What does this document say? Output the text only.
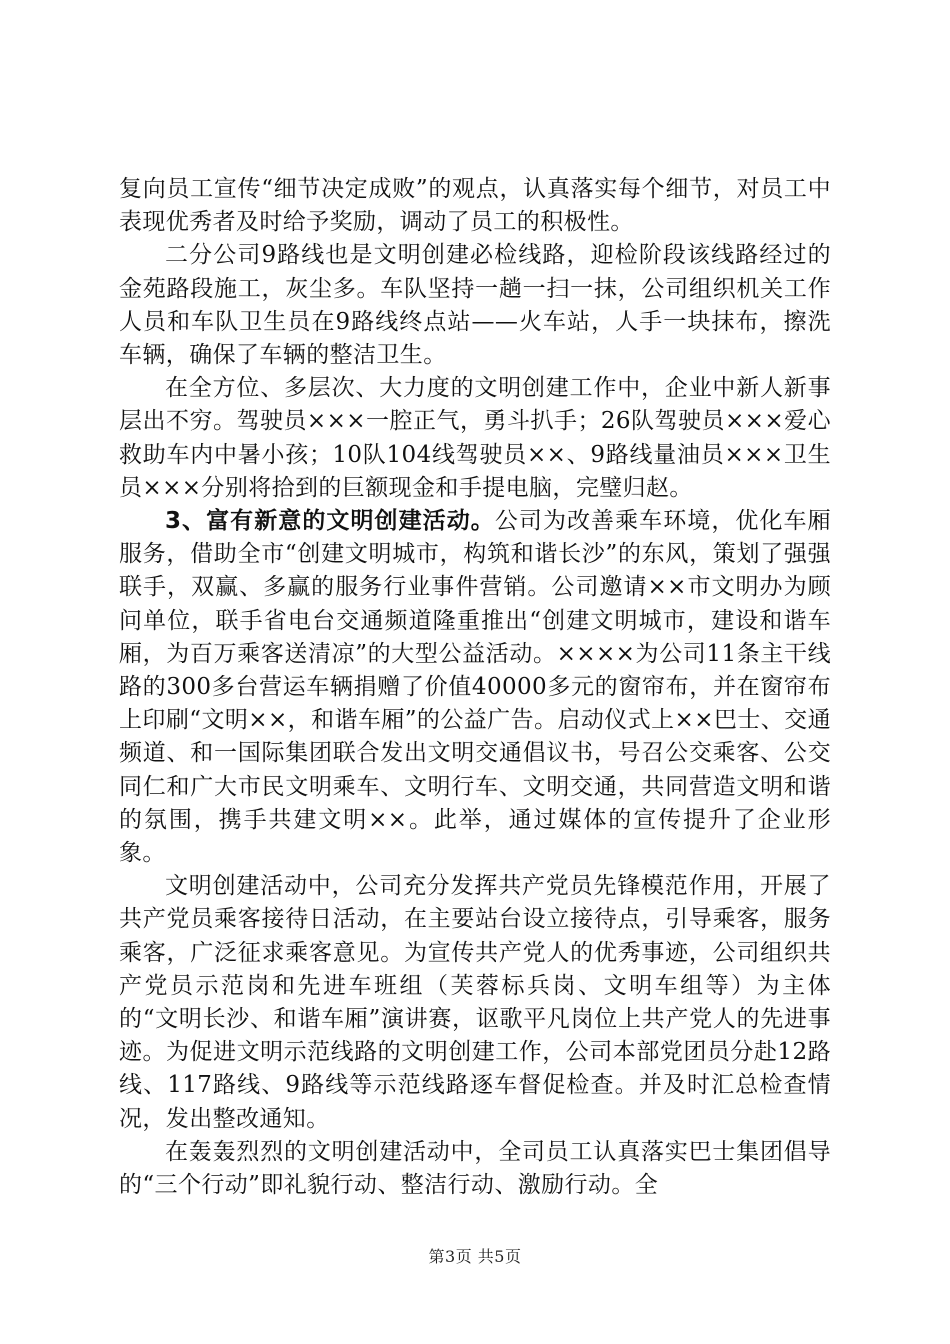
复向员工宣传“细节决定成败”的观点，认真落实每个细节，对员工中表现优秀者及时给予奖励，调动了员工的积极性。

二分公司9路线也是文明创建必检线路，迎检阶段该线路经过的金苑路段施工，灰尘多。车队坚持一趟一扫一抹，公司组织机关工作人员和车队卫生员在9路线终点站——火车站，人手一块抹布，擦洗车辆，确保了车辆的整洁卫生。

在全方位、多层次、大力度的文明创建工作中，企业中新人新事层出不穷。驾驶员×××一腔正气，勇斗扒手；26队驾驶员×××爱心救助车内中暑小孩；10队104线驾驶员××、9路线量油员×××卫生员×××分别将拾到的巨额现金和手提电脑，完璧归赵。

3、富有新意的文明创建活动。公司为改善乘车环境，优化车厢服务，借助全市“创建文明城市，构筑和谐长沙”的东风，策划了强强联手，双赢、多赢的服务行业事件营销。公司邀请××市文明办为顾问单位，联手省电台交通频道隆重推出“创建文明城市，建设和谐车厢，为百万乘客送清凉”的大型公益活动。××××为公司11条主干线路的300多台营运车辆捐赠了价值40000多元的窗帘布，并在窗帘布上印刷“文明××，和谐车厢”的公益广告。启动仪式上××巴士、交通频道、和一国际集团联合发出文明交通倡议书，号召公交乘客、公交同仁和广大市民文明乘车、文明行车、文明交通，共同营造文明和谐的氛围，携手共建文明××。此举，通过媒体的宣传提升了企业形象。

文明创建活动中，公司充分发挥共产党员先锋模范作用，开展了共产党员乘客接待日活动，在主要站台设立接待点，引导乘客，服务乘客，广泛征求乘客意见。为宣传共产党人的优秀事迹，公司组织共产党员示范岗和先进车班组（芙蓉标兵岗、文明车组等）为主体的“文明长沙、和谐车厢”演讲赛，讴歌平凡岗位上共产党人的先进事迹。为促进文明示范线路的文明创建工作，公司本部党团员分赴12路线、117路线、9路线等示范线路逐车督促检查。并及时汇总检查情况，发出整改通知。

在轰轰烈烈的文明创建活动中，全司员工认真落实巴士集团倡导的“三个行动”即礼貌行动、整洁行动、激励行动。全

第3页 共5页
